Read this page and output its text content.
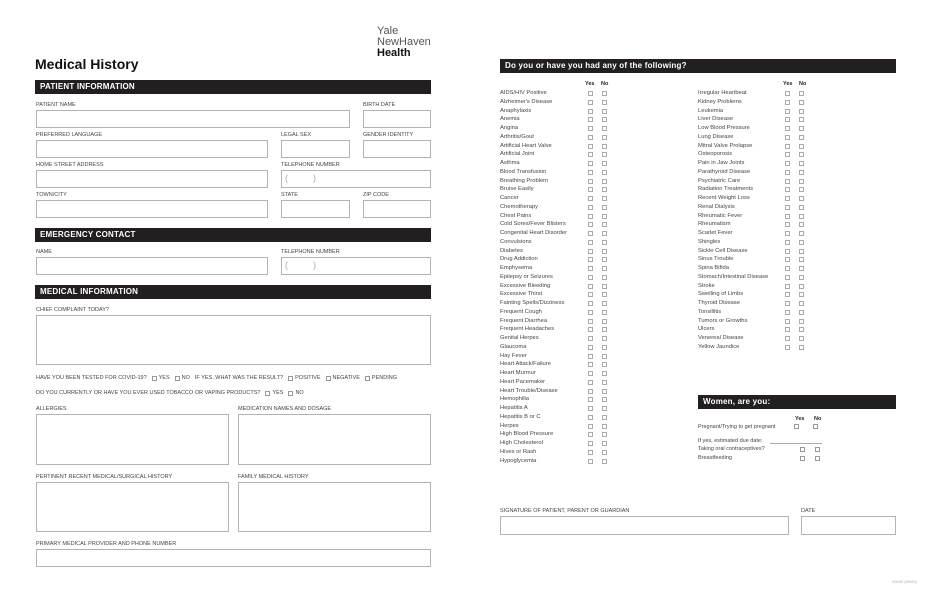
Yale
NewHaven
Health
Medical History
PATIENT INFORMATION
PATIENT NAME	BIRTH DATE
PREFERRED LANGUAGE	LEGAL SEX	GENDER IDENTITY
HOME STREET ADDRESS	TELEPHONE NUMBER
(	)
TOWN/CITY	STATE	ZIP CODE
EMERGENCY CONTACT
NAME	TELEPHONE NUMBER
(	)
MEDICAL INFORMATION
CHIEF COMPLAINT TODAY?
HAVE YOU BEEN TESTED FOR COVID-19? YES NO IF YES, WHAT WAS THE RESULT? POSITIVE NEGATIVE PENDING
DO YOU CURRENTLY OR HAVE YOU EVER USED TOBACCO OR VAPING PRODUCTS? YES NO
ALLERGIES	MEDICATION NAMES AND DOSAGE
PERTINENT RECENT MEDICAL/SURGICAL HISTORY	FAMILY MEDICAL HISTORY
PRIMARY MEDICAL PROVIDER AND PHONE NUMBER
Do you or have you had any of the following?
Yes No	Yes No
AIDS/HIV Positive
Alzheimer's Disease
Anaphylaxis
Anemia
Angina
Arthritis/Gout
Artificial Heart Valve
Artificial Joint
Asthma
Blood Transfusion
Breathing Problem
Bruise Easily
Cancer
Chemotherapy
Chest Pains
Cold Sores/Fever Blisters
Congenital Heart Disorder
Convulsions
Diabetes
Drug Addiction
Emphysema
Epilepsy or Seizures
Excessive Bleeding
Excessive Thirst
Fainting Spells/Dizziness
Frequent Cough
Frequent Diarrhea
Frequent Headaches
Genital Herpes
Glaucoma
Hay Fever
Heart Attack/Failure
Heart Murmur
Heart Pacemaker
Heart Trouble/Disease
Hemophilia
Hepatitis A
Hepatitis B or C
Herpes
High Blood Pressure
High Cholesterol
Hives or Rash
Hypoglycemia
Irregular Heartbeat
Kidney Problems
Leukemia
Liver Disease
Low Blood Pressure
Lung Disease
Mitral Valve Prolapse
Osteoporosis
Pain in Jaw Joints
Parathyroid Disease
Psychiatric Care
Radiation Treatments
Recent Weight Loss
Renal Dialysis
Rheumatic Fever
Rheumatism
Scarlet Fever
Shingles
Sickle Cell Disease
Sinus Trouble
Spina Bifida
Stomach/Intestinal Disease
Stroke
Swelling of Limbs
Thyroid Disease
Tonsillitis
Tumors or Growths
Ulcers
Venereal Disease
Yellow Jaundice
Women, are you:
Yes No
Pregnant/Trying to get pregnant
If yes, estimated due date:
Taking oral contraceptives?
Breastfeeding
SIGNATURE OF PATIENT, PARENT OR GUARDIAN	DATE
00000 (00/00)
